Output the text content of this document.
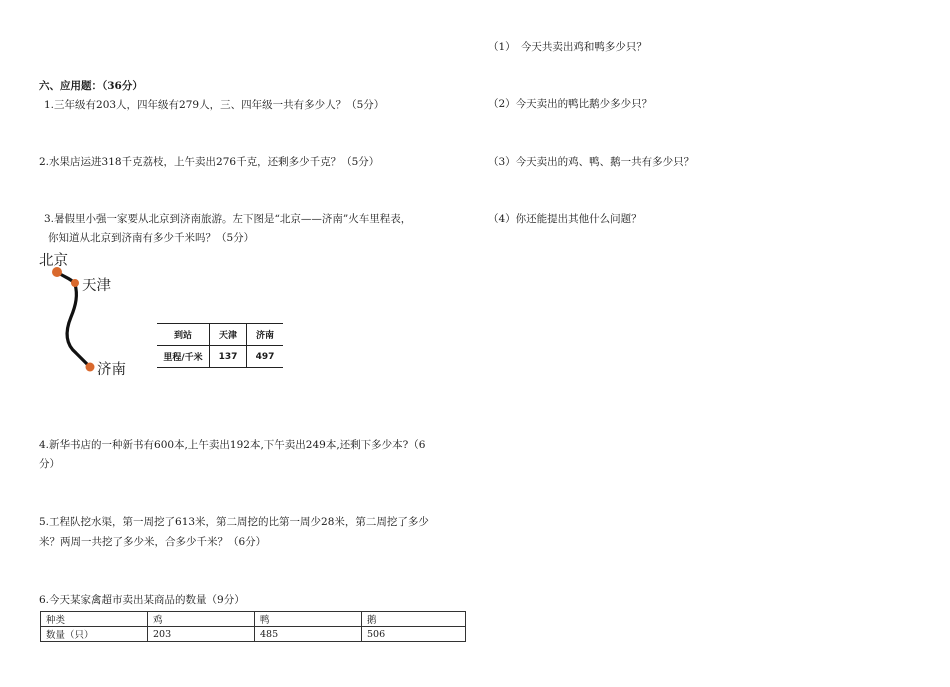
六、应用题：（36分）
1.三年级有203人，四年级有279人，三、四年级一共有多少人？（5分）
2.水果店运进318千克荔枝，上午卖出276千克，还剩多少千克？（5分）
3.暑假里小强一家要从北京到济南旅游。左下图是“北京——济南”火车里程表，
你知道从北京到济南有多少千米吗？（5分）
北京
天津
济南
到站	天津	济南
里程/千米	137	497
4.新华书店的一种新书有600本,上午卖出192本,下午卖出249本,还剩下多少本?（6
分）
5.工程队挖水渠，第一周挖了613米，第二周挖的比第一周少28米，第二周挖了多少
米？两周一共挖了多少米，合多少千米？（6分）
6.今天某家禽超市卖出某商品的数量（9分）
种类	鸡	鸭	鹅
数量（只）	203	485	506
（1）　今天共卖出鸡和鸭多少只？
（2）今天卖出的鸭比鹅少多少只？
（3）今天卖出的鸡、鸭、鹅一共有多少只？
（4）你还能提出其他什么问题？
